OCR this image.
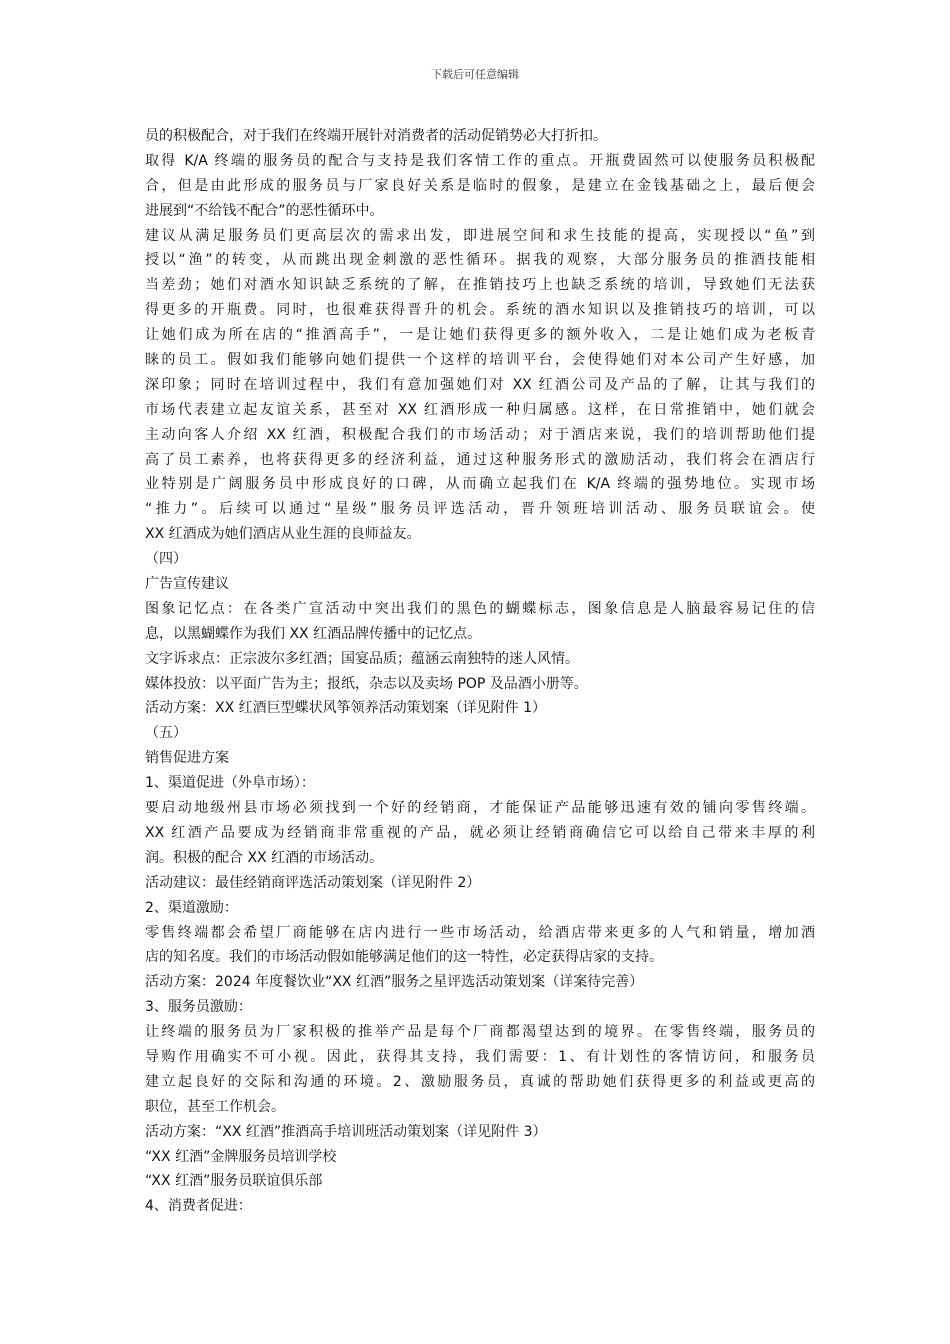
下载后可任意编辑
员的积极配合，对于我们在终端开展针对消费者的活动促销势必大打折扣。
取得 K/A 终端的服务员的配合与支持是我们客情工作的重点。开瓶费固然可以使服务员积极配
合，但是由此形成的服务员与厂家良好关系是临时的假象，是建立在金钱基础之上，最后便会
进展到“不给钱不配合”的恶性循环中。
建议从满足服务员们更高层次的需求出发，即进展空间和求生技能的提高，实现授以“鱼”到
授以“渔”的转变，从而跳出现金刺激的恶性循环。据我的观察，大部分服务员的推酒技能相
当差劲；她们对酒水知识缺乏系统的了解，在推销技巧上也缺乏系统的培训，导致她们无法获
得更多的开瓶费。同时，也很难获得晋升的机会。系统的酒水知识以及推销技巧的培训，可以
让她们成为所在店的“推酒高手”，一是让她们获得更多的额外收入，二是让她们成为老板青
睐的员工。假如我们能够向她们提供一个这样的培训平台，会使得她们对本公司产生好感，加
深印象；同时在培训过程中，我们有意加强她们对 XX 红酒公司及产品的了解，让其与我们的
市场代表建立起友谊关系，甚至对 XX 红酒形成一种归属感。这样，在日常推销中，她们就会
主动向客人介绍 XX 红酒，积极配合我们的市场活动；对于酒店来说，我们的培训帮助他们提
高了员工素养，也将获得更多的经济利益，通过这种服务形式的激励活动，我们将会在酒店行
业特别是广阔服务员中形成良好的口碑，从而确立起我们在 K/A 终端的强势地位。实现市场
“推力”。后续可以通过“星级”服务员评选活动，晋升领班培训活动、服务员联谊会。使
XX 红酒成为她们酒店从业生涯的良师益友。
（四）
广告宣传建议
图象记忆点：在各类广宣活动中突出我们的黑色的蝴蝶标志，图象信息是人脑最容易记住的信
息，以黑蝴蝶作为我们 XX 红酒品牌传播中的记忆点。
文字诉求点：正宗波尔多红酒；国宴品质；蕴涵云南独特的迷人风情。
媒体投放：以平面广告为主；报纸，杂志以及卖场 POP 及品酒小册等。
活动方案：XX 红酒巨型蝶状风筝领养活动策划案（详见附件 1）
（五）
销售促进方案
1、渠道促进（外阜市场）：
要启动地级州县市场必须找到一个好的经销商，才能保证产品能够迅速有效的铺向零售终端。
XX 红酒产品要成为经销商非常重视的产品，就必须让经销商确信它可以给自己带来丰厚的利
润。积极的配合 XX 红酒的市场活动。
活动建议：最佳经销商评选活动策划案（详见附件 2）
2、渠道激励：
零售终端都会希望厂商能够在店内进行一些市场活动，给酒店带来更多的人气和销量，增加酒
店的知名度。我们的市场活动假如能够满足他们的这一特性，必定获得店家的支持。
活动方案：2024 年度餐饮业“XX 红酒”服务之星评选活动策划案（详案待完善）
3、服务员激励：
让终端的服务员为厂家积极的推举产品是每个厂商都渴望达到的境界。在零售终端，服务员的
导购作用确实不可小视。因此，获得其支持，我们需要：1、有计划性的客情访问，和服务员
建立起良好的交际和沟通的环境。2、激励服务员，真诚的帮助她们获得更多的利益或更高的
职位，甚至工作机会。
活动方案：“XX 红酒”推酒高手培训班活动策划案（详见附件 3）
“XX 红酒”金牌服务员培训学校
“XX 红酒”服务员联谊俱乐部
4、消费者促进：
